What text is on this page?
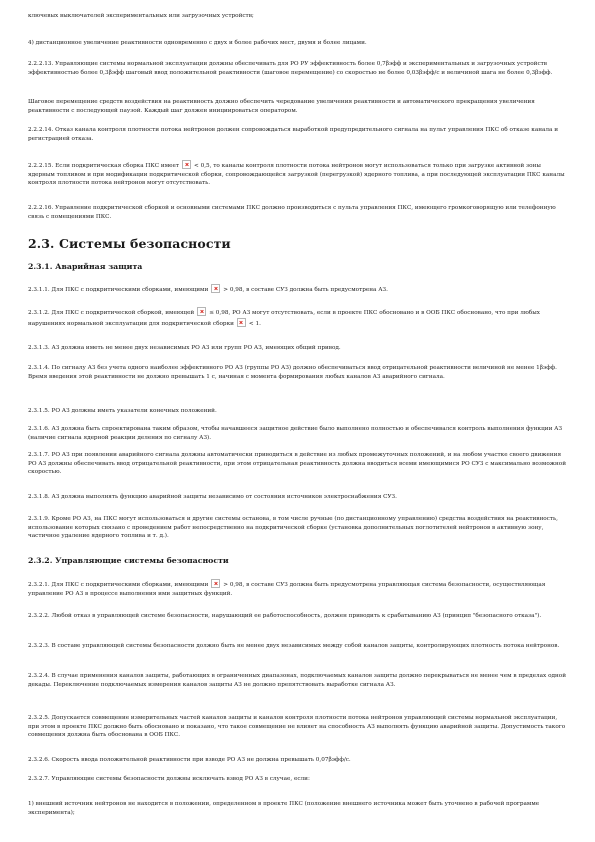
ключевых выключателей экспериментальных или загрузочных устройств;

4) дистанционное увеличение реактивности одновременно с двух и более рабочих мест, двумя и более лицами.

2.2.2.13. Управляющие системы нормальной эксплуатации должны обеспечивать для РО РУ эффективность более 0,7βэфф и экспериментальных и загрузочных устройств эффективностью более 0,3βэфф шаговый ввод положительной реактивности (шаговое перемещение) со скоростью не более 0,03βэфф/с и величиной шага не более 0,3βэфф.

Шаговое перемещение средств воздействия на реактивность должно обеспечить чередование увеличения реактивности и автоматического прекращения увеличения реактивности с последующей паузой. Каждый шаг должен инициироваться оператором.

2.2.2.14. Отказ канала контроля плотности потока нейтронов должен сопровождаться выработкой предупредительного сигнала на пульт управления ПКС об отказе канала и регистрацией отказа.

2.2.2.15. Если подкритическая сборка ПКС имеет	< 0,5, то каналы контроля плотности потока нейтронов могут использоваться только при загрузке активной зоны ядерным топливом и при модификации подкритической сборки, сопровождающейся загрузкой (перегрузкой) ядерного топлива, а при последующей эксплуатации ПКС каналы контроля плотности потока нейтронов могут отсутствовать.

2.2.2.16. Управление подкритической сборкой и основными системами ПКС должно производиться с пульта управления ПКС, имеющего громкоговорящую или телефонную связь с помещениями ПКС.

2.3. Системы безопасности
2.3.1. Аварийная защита

2.3.1.1. Для ПКС с подкритическими сборками, имеющими	> 0,98, в составе СУЗ должна быть предусмотрена АЗ.

2.3.1.2. Для ПКС с подкритической сборкой, имеющей	≤ 0,98, РО АЗ могут отсутствовать, если в проекте ПКС обосновано и в ООБ ПКС обосновано, что при любых нарушениях нормальной эксплуатации для подкритической сборки	< 1.

2.3.1.3. АЗ должна иметь не менее двух независимых РО АЗ или групп РО АЗ, имеющих общий привод.

2.3.1.4. По сигналу АЗ без учета одного наиболее эффективного РО АЗ (группы РО АЗ) должно обеспечиваться ввод отрицательной реактивности величиной не менее 1βэфф. Время введения этой реактивности не должно превышать 1 с, начиная с момента формирования любых каналов АЗ аварийного сигнала.

2.3.1.5. РО АЗ должны иметь указатели конечных положений.

2.3.1.6. АЗ должна быть спроектирована таким образом, чтобы начавшееся защитное действие было выполнено полностью и обеспечивался контроль выполнения функции АЗ (наличие сигнала ядерной реакции деления по сигналу АЗ).

2.3.1.7. РО АЗ при появлении аварийного сигнала должны автоматически приводиться в действие из любых промежуточных положений, и на любом участке своего движения РО АЗ должны обеспечивать ввод отрицательной реактивности, при этом отрицательная реактивность должна вводиться всеми имеющимися РО СУЗ с максимально возможной скоростью.

2.3.1.8. АЗ должна выполнять функцию аварийной защиты независимо от состояния источников электроснабжения СУЗ.

2.3.1.9. Кроме РО АЗ, на ПКС могут использоваться и другие системы останова, в том числе ручные (по дистанционному управлению) средства воздействия на реактивность, использование которых связано с проведением работ непосредственно на подкритической сборке (установка дополнительных поглотителей нейтронов в активную зону, частичное удаление ядерного топлива и т. д.).

2.3.2. Управляющие системы безопасности

2.3.2.1. Для ПКС с подкритическими сборками, имеющими	> 0,98, в составе СУЗ должна быть предусмотрена управляющая система безопасности, осуществляющая управление РО АЗ в процессе выполнения ими защитных функций.

2.3.2.2. Любой отказ в управляющей системе безопасности, нарушающий ее работоспособность, должен приводить к срабатыванию АЗ (принцип "безопасного отказа").

2.3.2.3. В составе управляющей системы безопасности должно быть не менее двух независимых между собой каналов защиты, контролирующих плотность потока нейтронов.

2.3.2.4. В случае применения каналов защиты, работающих в ограниченных диапазонах, подключаемых каналов защиты должно перекрываться не менее чем в пределах одной декады. Переключение подключаемых измерения каналов защиты АЗ не должно препятствовать выработке сигнала АЗ.

2.3.2.5. Допускается совмещение измерительных частей каналов защиты и каналов контроля плотности потока нейтронов управляющей системы нормальной эксплуатации, при этом в проекте ПКС должно быть обосновано и показано, что такое совмещение не влияет на способность АЗ выполнять функцию аварийной защиты. Допустимость такого совмещения должна быть обоснована в ООБ ПКС.

2.3.2.6. Скорость ввода положительной реактивности при взводе РО АЗ не должна превышать 0,07βэфф/с.

2.3.2.7. Управляющие системы безопасности должны исключать взвод РО АЗ в случае, если:

1) внешний источник нейтронов не находится в положении, определенном в проекте ПКС (положение внешнего источника может быть уточнено в рабочей программе эксперимента);
